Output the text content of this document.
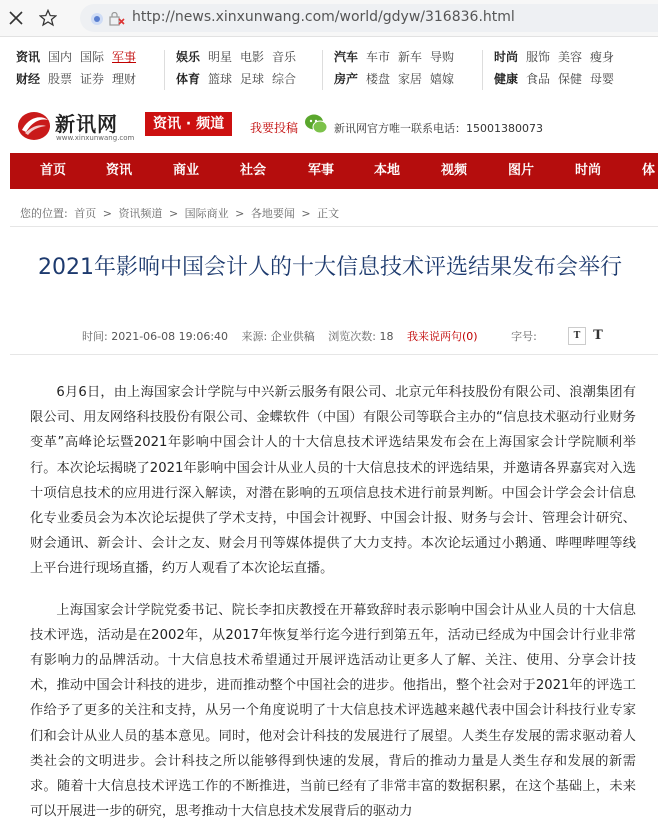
http://news.xinxunwang.com/world/gdyw/316836.html
资讯 国内 国际 军事
财经 股票 证券 理财
娱乐 明星 电影 音乐
体育 篮球 足球 综合
汽车 车市 新车 导购
房产 楼盘 家居 嬉嫁
时尚 服饰 美容 瘦身
健康 食品 保健 母婴
新讯网
www.xinxunwang.com
资讯 · 频道	我要投稿	新讯网官方唯一联系电话：15001380073
首页	资讯	商业	社会	军事	本地	视频	图片	时尚	体
您的位置: 首页 > 资讯频道 > 国际商业 > 各地要闻 > 正文
2021年影响中国会计人的十大信息技术评选结果发布会举行
时间: 2021-06-08 19:06:40 来源: 企业供稿 浏览次数: 18 我来说两句(0)	字号:	T T

6月6日，由上海国家会计学院与中兴新云服务有限公司、北京元年科技股份有限公司、浪潮集团有限公司、用友网络科技股份有限公司、金蝶软件（中国）有限公司等联合主办的“信息技术驱动行业财务变革”高峰论坛暨2021年影响中国会计人的十大信息技术评选结果发布会在上海国家会计学院顺利举行。本次论坛揭晓了2021年影响中国会计从业人员的十大信息技术的评选结果，并邀请各界嘉宾对入选十项信息技术的应用进行深入解读，对潜在影响的五项信息技术进行前景判断。中国会计学会会计信息化专业委员会为本次论坛提供了学术支持，中国会计视野、中国会计报、财务与会计、管理会计研究、财会通讯、新会计、会计之友、财会月刊等媒体提供了大力支持。本次论坛通过小鹅通、哔哩哔哩等线上平台进行现场直播，约万人观看了本次论坛直播。

上海国家会计学院党委书记、院长李扣庆教授在开幕致辞时表示影响中国会计从业人员的十大信息技术评选，活动是在2002年，从2017年恢复举行迄今进行到第五年，活动已经成为中国会计行业非常有影响力的品牌活动。十大信息技术希望通过开展评选活动让更多人了解、关注、使用、分享会计技术，推动中国会计科技的进步，进而推动整个中国社会的进步。他指出，整个社会对于2021年的评选工作给予了更多的关注和支持，从另一个角度说明了十大信息技术评选越来越代表中国会计科技行业专家们和会计从业人员的基本意见。同时，他对会计科技的发展进行了展望。人类生存发展的需求驱动着人类社会的文明进步。会计科技之所以能够得到快速的发展，背后的推动力量是人类生存和发展的新需求。随着十大信息技术评选工作的不断推进，当前已经有了非常丰富的数据积累，在这个基础上，未来可以开展进一步的研究，思考推动十大信息技术发展背后的驱动力
